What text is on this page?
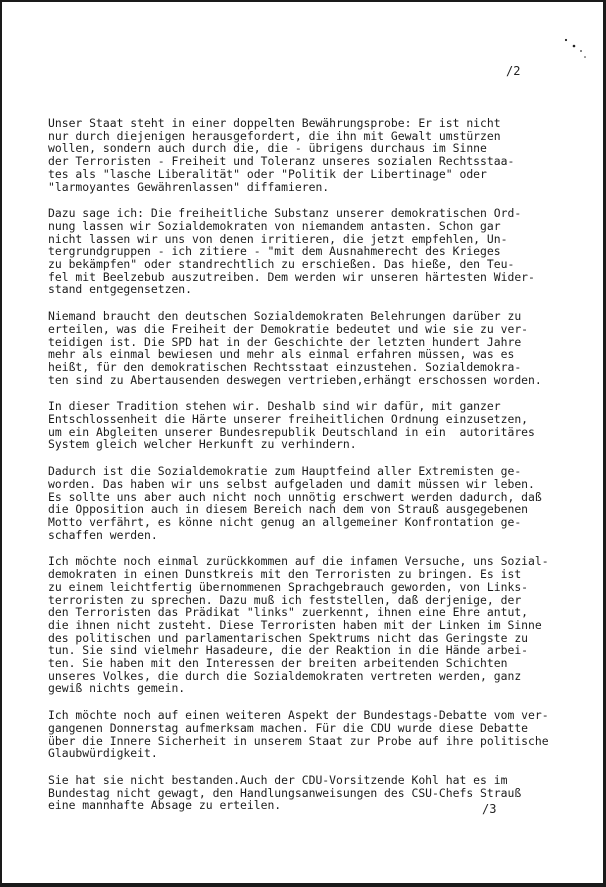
/2
Unser Staat steht in einer doppelten Bewährungsprobe: Er ist nicht
nur durch diejenigen herausgefordert, die ihn mit Gewalt umstürzen
wollen, sondern auch durch die, die - übrigens durchaus im Sinne
der Terroristen - Freiheit und Toleranz unseres sozialen Rechtsstaa-
tes als "lasche Liberalität" oder "Politik der Libertinage" oder
"larmoyantes Gewährenlassen" diffamieren.
Dazu sage ich: Die freiheitliche Substanz unserer demokratischen Ord-
nung lassen wir Sozialdemokraten von niemandem antasten. Schon gar
nicht lassen wir uns von denen irritieren, die jetzt empfehlen, Un-
tergrundgruppen - ich zitiere - "mit dem Ausnahmerecht des Krieges
zu bekämpfen" oder standrechtlich zu erschießen. Das hieße, den Teu-
fel mit Beelzebub auszutreiben. Dem werden wir unseren härtesten Wider-
stand entgegensetzen.
Niemand braucht den deutschen Sozialdemokraten Belehrungen darüber zu
erteilen, was die Freiheit der Demokratie bedeutet und wie sie zu ver-
teidigen ist. Die SPD hat in der Geschichte der letzten hundert Jahre
mehr als einmal bewiesen und mehr als einmal erfahren müssen, was es
heißt, für den demokratischen Rechtsstaat einzustehen. Sozialdemokra-
ten sind zu Abertausenden deswegen vertrieben,erhängt erschossen worden.
In dieser Tradition stehen wir. Deshalb sind wir dafür, mit ganzer
Entschlossenheit die Härte unserer freiheitlichen Ordnung einzusetzen,
um ein Abgleiten unserer Bundesrepublik Deutschland in ein  autoritäres
System gleich welcher Herkunft zu verhindern.
Dadurch ist die Sozialdemokratie zum Hauptfeind aller Extremisten ge-
worden. Das haben wir uns selbst aufgeladen und damit müssen wir leben.
Es sollte uns aber auch nicht noch unnötig erschwert werden dadurch, daß
die Opposition auch in diesem Bereich nach dem von Strauß ausgegebenen
Motto verfährt, es könne nicht genug an allgemeiner Konfrontation ge-
schaffen werden.
Ich möchte noch einmal zurückkommen auf die infamen Versuche, uns Sozial-
demokraten in einen Dunstkreis mit den Terroristen zu bringen. Es ist
zu einem leichtfertig übernommenen Sprachgebrauch geworden, von Links-
terroristen zu sprechen. Dazu muß ich feststellen, daß derjenige, der
den Terroristen das Prädikat "links" zuerkennt, ihnen eine Ehre antut,
die ihnen nicht zusteht. Diese Terroristen haben mit der Linken im Sinne
des politischen und parlamentarischen Spektrums nicht das Geringste zu
tun. Sie sind vielmehr Hasadeure, die der Reaktion in die Hände arbei-
ten. Sie haben mit den Interessen der breiten arbeitenden Schichten
unseres Volkes, die durch die Sozialdemokraten vertreten werden, ganz
gewiß nichts gemein.
Ich möchte noch auf einen weiteren Aspekt der Bundestags-Debatte vom ver-
gangenen Donnerstag aufmerksam machen. Für die CDU wurde diese Debatte
über die Innere Sicherheit in unserem Staat zur Probe auf ihre politische
Glaubwürdigkeit.
Sie hat sie nicht bestanden.Auch der CDU-Vorsitzende Kohl hat es im
Bundestag nicht gewagt, den Handlungsanweisungen des CSU-Chefs Strauß
eine mannhafte Absage zu erteilen.	/3
